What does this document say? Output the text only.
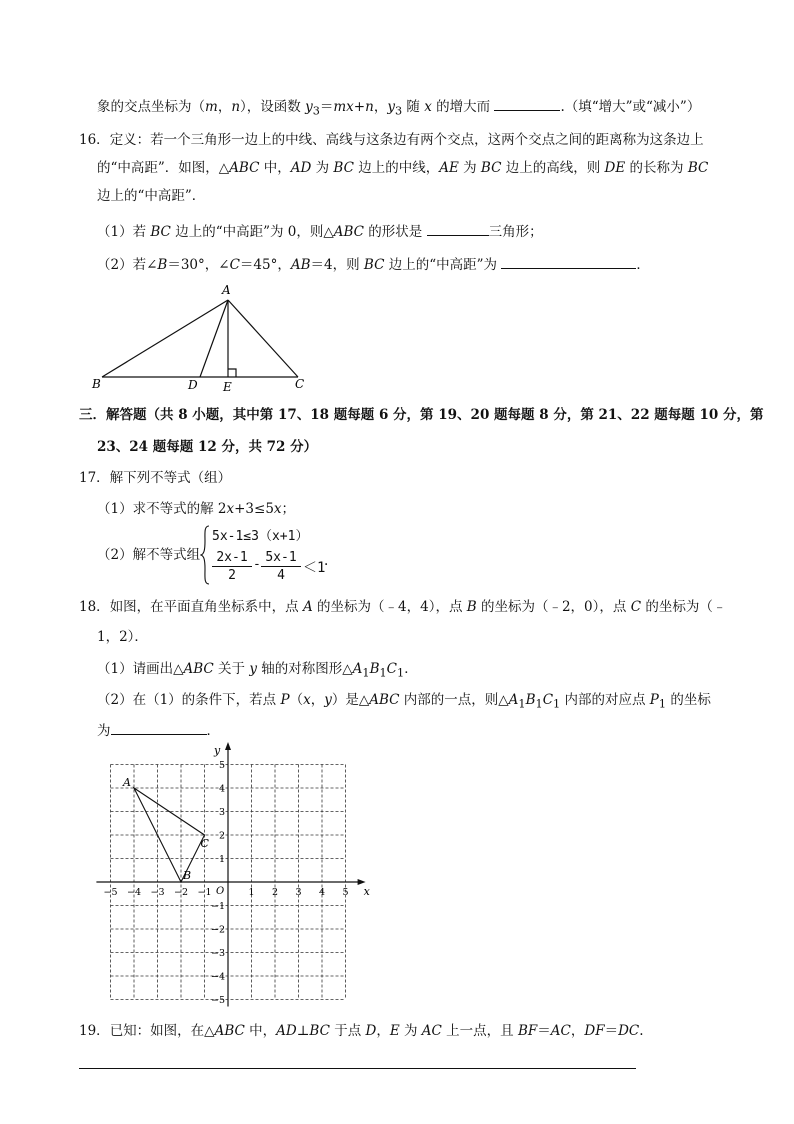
象的交点坐标为（m，n），设函数 $y_3=mx+n$，$y_3$ 随 x 的增大而	.（填“增大”或“减小”）
16．定义：若一个三角形一边上的中线、高线与这条边有两个交点，这两个交点之间的距离称为这条边上
的“中高距”．如图，△ABC 中，AD 为 BC 边上的中线，AE 为 BC 边上的高线，则 DE 的长称为 BC
边上的“中高距”．
（1）若 BC 边上的“中高距”为 0，则△ABC 的形状是	三角形；
（2）若∠B＝30°，∠C＝45°，AB＝4，则 BC 边上的“中高距”为	．
A
B	D E	C
三．解答题（共 8 小题，其中第 17、18 题每题 6 分，第 19、20 题每题 8 分，第 21、22 题每题 10 分，第
23、24 题每题 12 分，共 72 分）
17．解下列不等式（组）
（1）求不等式的解 2x+3≤5x；
（2）解不等式组
5x-1≤3（x+1）
$\frac{2x-1}{2} - \frac{5x-1}{4} <1$
.
18．如图，在平面直角坐标系中，点 A 的坐标为（﹣4，4），点 B 的坐标为（﹣2，0），点 C 的坐标为（﹣
1，2）．
（1）请画出△ABC 关于 y 轴的对称图形$\triangle A_1B_1C_1$．
（2）在（1）的条件下，若点 P（x，y）是△ABC 内部的一点，则$\triangle A_1B_1C_1$ 内部的对应点 $P_1$ 的坐标
为	．
x
y
O
−5 −4 −3 −2 −1	1 2 3 4 5
5
4
3
2
1
−1
−2
−3
−4
−5
A
B
C
19．已知：如图，在△ABC 中，AD⊥BC 于点 D，E 为 AC 上一点，且 BF＝AC，DF＝DC.
